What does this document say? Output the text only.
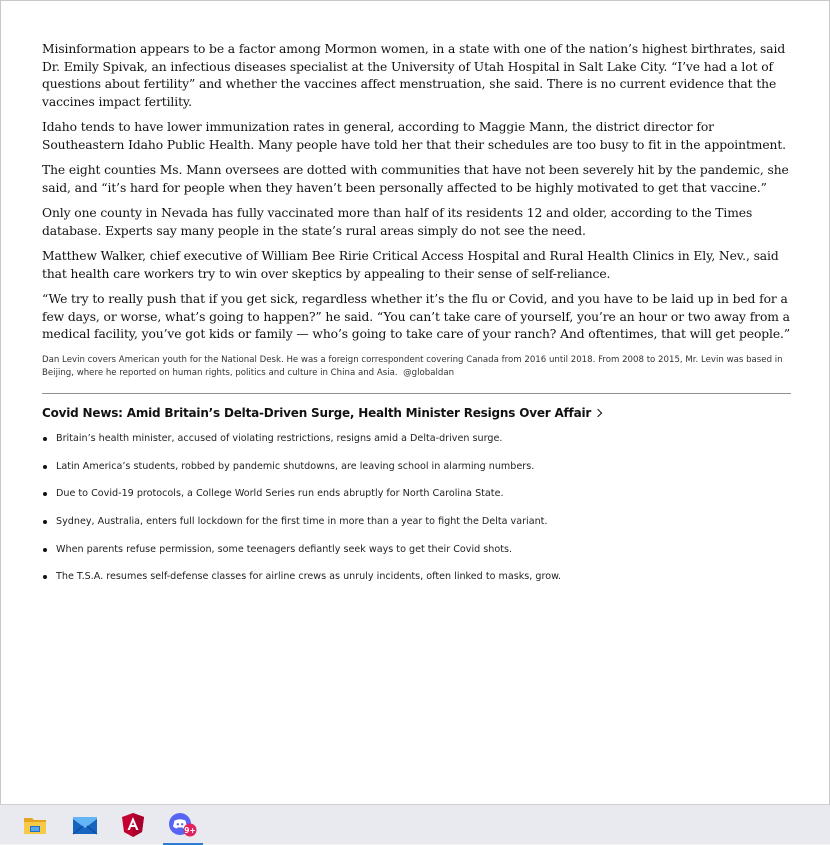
Misinformation appears to be a factor among Mormon women, in a state with one of the nation’s highest birthrates, said Dr. Emily Spivak, an infectious diseases specialist at the University of Utah Hospital in Salt Lake City. “I’ve had a lot of questions about fertility” and whether the vaccines affect menstruation, she said. There is no current evidence that the vaccines impact fertility.

Idaho tends to have lower immunization rates in general, according to Maggie Mann, the district director for Southeastern Idaho Public Health. Many people have told her that their schedules are too busy to fit in the appointment.

The eight counties Ms. Mann oversees are dotted with communities that have not been severely hit by the pandemic, she said, and “it’s hard for people when they haven’t been personally affected to be highly motivated to get that vaccine.”

Only one county in Nevada has fully vaccinated more than half of its residents 12 and older, according to the Times database. Experts say many people in the state’s rural areas simply do not see the need.

Matthew Walker, chief executive of William Bee Ririe Critical Access Hospital and Rural Health Clinics in Ely, Nev., said that health care workers try to win over skeptics by appealing to their sense of self-reliance.

“We try to really push that if you get sick, regardless whether it’s the flu or Covid, and you have to be laid up in bed for a few days, or worse, what’s going to happen?” he said. “You can’t take care of yourself, you’re an hour or two away from a medical facility, you’ve got kids or family — who’s going to take care of your ranch? And oftentimes, that will get people.”

Dan Levin covers American youth for the National Desk. He was a foreign correspondent covering Canada from 2016 until 2018. From 2008 to 2015, Mr. Levin was based in Beijing, where he reported on human rights, politics and culture in China and Asia. @globaldan

Covid News: Amid Britain’s Delta-Driven Surge, Health Minister Resigns Over Affair
Britain’s health minister, accused of violating restrictions, resigns amid a Delta-driven surge.
Latin America’s students, robbed by pandemic shutdowns, are leaving school in alarming numbers.
Due to Covid-19 protocols, a College World Series run ends abruptly for North Carolina State.
Sydney, Australia, enters full lockdown for the first time in more than a year to fight the Delta variant.
When parents refuse permission, some teenagers defiantly seek ways to get their Covid shots.
The T.S.A. resumes self-defense classes for airline crews as unruly incidents, often linked to masks, grow.
9+
